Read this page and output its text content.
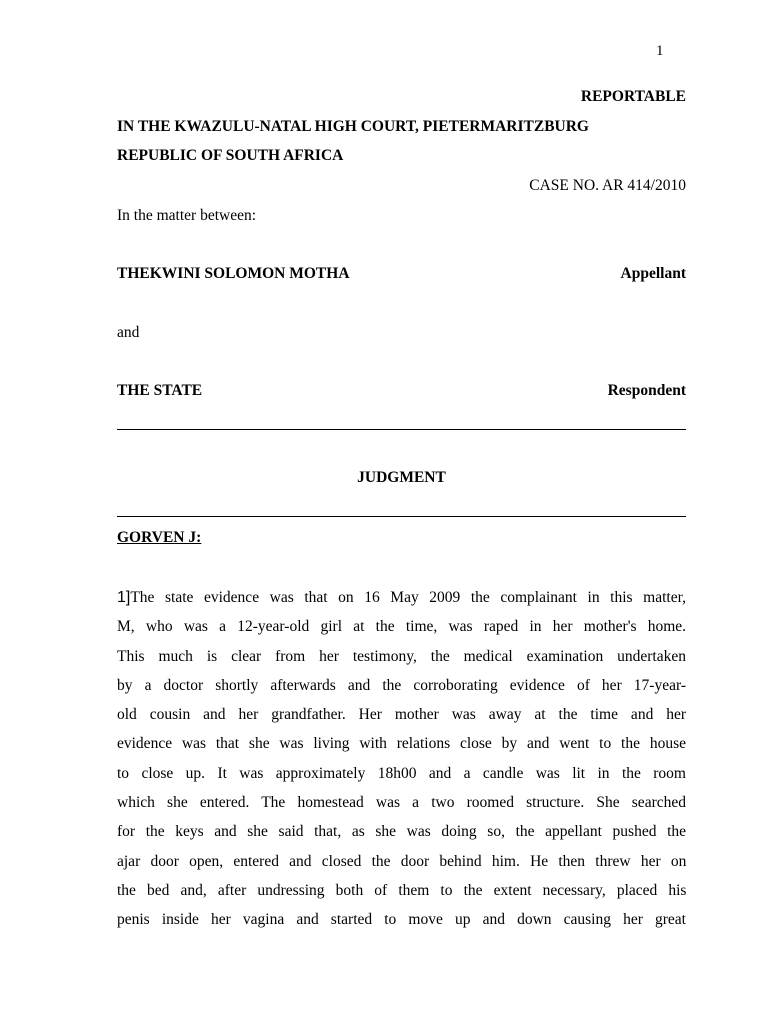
1
REPORTABLE
IN THE KWAZULU-NATAL HIGH COURT, PIETERMARITZBURG
REPUBLIC OF SOUTH AFRICA
CASE NO. AR 414/2010
In the matter between:
THEKWINI SOLOMON MOTHA	Appellant
and
THE STATE	Respondent
JUDGMENT
GORVEN J:
1]The state evidence was that on 16 May 2009 the complainant in this matter,
M, who was a 12-year-old girl at the time, was raped in her mother's home.
This much is clear from her testimony, the medical examination undertaken
by a doctor shortly afterwards and the corroborating evidence of her 17-year-
old cousin and her grandfather. Her mother was away at the time and her
evidence was that she was living with relations close by and went to the house
to close up. It was approximately 18h00 and a candle was lit in the room
which she entered. The homestead was a two roomed structure. She searched
for the keys and she said that, as she was doing so, the appellant pushed the
ajar door open, entered and closed the door behind him. He then threw her on
the bed and, after undressing both of them to the extent necessary, placed his
penis inside her vagina and started to move up and down causing her great
